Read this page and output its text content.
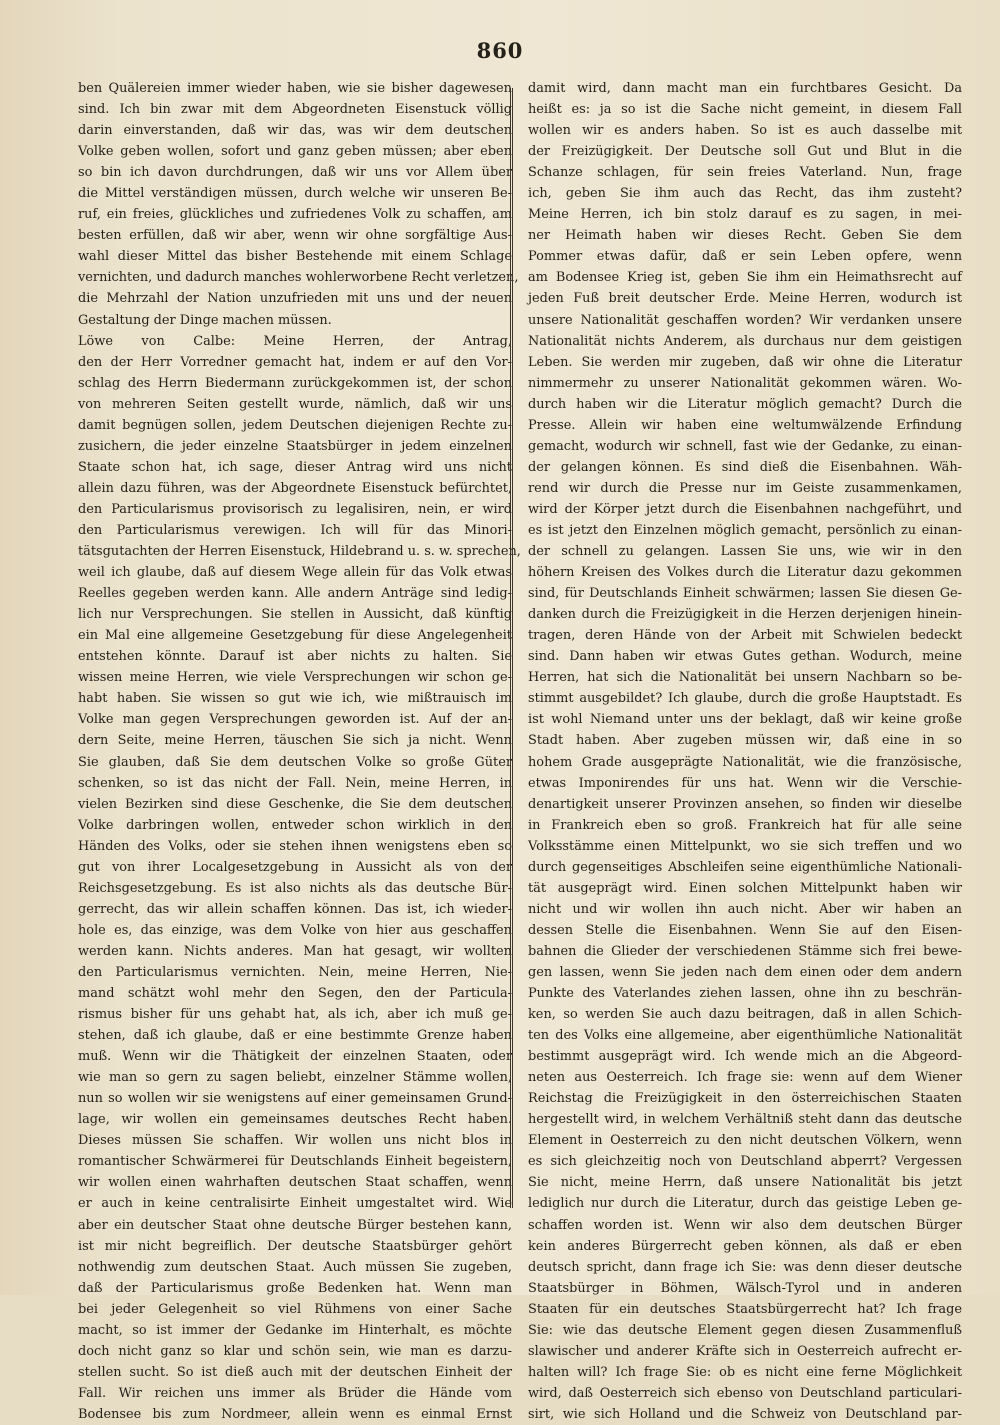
860
ben Quälereien immer wieder haben, wie sie bisher dagewesen
sind. Ich bin zwar mit dem Abgeordneten Eisenstuck völlig
darin einverstanden, daß wir das, was wir dem deutschen
Volke geben wollen, sofort und ganz geben müssen; aber eben
so bin ich davon durchdrungen, daß wir uns vor Allem über
die Mittel verständigen müssen, durch welche wir unseren Be-
ruf, ein freies, glückliches und zufriedenes Volk zu schaffen, am
besten erfüllen, daß wir aber, wenn wir ohne sorgfältige Aus-
wahl dieser Mittel das bisher Bestehende mit einem Schlage
vernichten, und dadurch manches wohlerworbene Recht verletzen,
die Mehrzahl der Nation unzufrieden mit uns und der neuen
Gestaltung der Dinge machen müssen.
Löwe von Calbe: Meine Herren, der Antrag,
den der Herr Vorredner gemacht hat, indem er auf den Vor-
schlag des Herrn Biedermann zurückgekommen ist, der schon
von mehreren Seiten gestellt wurde, nämlich, daß wir uns
damit begnügen sollen, jedem Deutschen diejenigen Rechte zu-
zusichern, die jeder einzelne Staatsbürger in jedem einzelnen
Staate schon hat, ich sage, dieser Antrag wird uns nicht
allein dazu führen, was der Abgeordnete Eisenstuck befürchtet,
den Particularismus provisorisch zu legalisiren, nein, er wird
den Particularismus verewigen. Ich will für das Minori-
tätsgutachten der Herren Eisenstuck, Hildebrand u. s. w. sprechen,
weil ich glaube, daß auf diesem Wege allein für das Volk etwas
Reelles gegeben werden kann. Alle andern Anträge sind ledig-
lich nur Versprechungen. Sie stellen in Aussicht, daß künftig
ein Mal eine allgemeine Gesetzgebung für diese Angelegenheit
entstehen könnte. Darauf ist aber nichts zu halten. Sie
wissen meine Herren, wie viele Versprechungen wir schon ge-
habt haben. Sie wissen so gut wie ich, wie mißtrauisch im
Volke man gegen Versprechungen geworden ist. Auf der an-
dern Seite, meine Herren, täuschen Sie sich ja nicht. Wenn
Sie glauben, daß Sie dem deutschen Volke so große Güter
schenken, so ist das nicht der Fall. Nein, meine Herren, in
vielen Bezirken sind diese Geschenke, die Sie dem deutschen
Volke darbringen wollen, entweder schon wirklich in den
Händen des Volks, oder sie stehen ihnen wenigstens eben so
gut von ihrer Localgesetzgebung in Aussicht als von der
Reichsgesetzgebung. Es ist also nichts als das deutsche Bür-
gerrecht, das wir allein schaffen können. Das ist, ich wieder-
hole es, das einzige, was dem Volke von hier aus geschaffen
werden kann. Nichts anderes. Man hat gesagt, wir wollten
den Particularismus vernichten. Nein, meine Herren, Nie-
mand schätzt wohl mehr den Segen, den der Particula-
rismus bisher für uns gehabt hat, als ich, aber ich muß ge-
stehen, daß ich glaube, daß er eine bestimmte Grenze haben
muß. Wenn wir die Thätigkeit der einzelnen Staaten, oder
wie man so gern zu sagen beliebt, einzelner Stämme wollen,
nun so wollen wir sie wenigstens auf einer gemeinsamen Grund-
lage, wir wollen ein gemeinsames deutsches Recht haben.
Dieses müssen Sie schaffen. Wir wollen uns nicht blos in
romantischer Schwärmerei für Deutschlands Einheit begeistern,
wir wollen einen wahrhaften deutschen Staat schaffen, wenn
er auch in keine centralisirte Einheit umgestaltet wird. Wie
aber ein deutscher Staat ohne deutsche Bürger bestehen kann,
ist mir nicht begreiflich. Der deutsche Staatsbürger gehört
nothwendig zum deutschen Staat. Auch müssen Sie zugeben,
daß der Particularismus große Bedenken hat. Wenn man
bei jeder Gelegenheit so viel Rühmens von einer Sache
macht, so ist immer der Gedanke im Hinterhalt, es möchte
doch nicht ganz so klar und schön sein, wie man es darzu-
stellen sucht. So ist dieß auch mit der deutschen Einheit der
Fall. Wir reichen uns immer als Brüder die Hände vom
Bodensee bis zum Nordmeer, allein wenn es einmal Ernst
damit wird, dann macht man ein furchtbares Gesicht. Da
heißt es: ja so ist die Sache nicht gemeint, in diesem Fall
wollen wir es anders haben. So ist es auch dasselbe mit
der Freizügigkeit. Der Deutsche soll Gut und Blut in die
Schanze schlagen, für sein freies Vaterland. Nun, frage
ich, geben Sie ihm auch das Recht, das ihm zusteht?
Meine Herren, ich bin stolz darauf es zu sagen, in mei-
ner Heimath haben wir dieses Recht. Geben Sie dem
Pommer etwas dafür, daß er sein Leben opfere, wenn
am Bodensee Krieg ist, geben Sie ihm ein Heimathsrecht auf
jeden Fuß breit deutscher Erde. Meine Herren, wodurch ist
unsere Nationalität geschaffen worden? Wir verdanken unsere
Nationalität nichts Anderem, als durchaus nur dem geistigen
Leben. Sie werden mir zugeben, daß wir ohne die Literatur
nimmermehr zu unserer Nationalität gekommen wären. Wo-
durch haben wir die Literatur möglich gemacht? Durch die
Presse. Allein wir haben eine weltumwälzende Erfindung
gemacht, wodurch wir schnell, fast wie der Gedanke, zu einan-
der gelangen können. Es sind dieß die Eisenbahnen. Wäh-
rend wir durch die Presse nur im Geiste zusammenkamen,
wird der Körper jetzt durch die Eisenbahnen nachgeführt, und
es ist jetzt den Einzelnen möglich gemacht, persönlich zu einan-
der schnell zu gelangen. Lassen Sie uns, wie wir in den
höhern Kreisen des Volkes durch die Literatur dazu gekommen
sind, für Deutschlands Einheit schwärmen; lassen Sie diesen Ge-
danken durch die Freizügigkeit in die Herzen derjenigen hinein-
tragen, deren Hände von der Arbeit mit Schwielen bedeckt
sind. Dann haben wir etwas Gutes gethan. Wodurch, meine
Herren, hat sich die Nationalität bei unsern Nachbarn so be-
stimmt ausgebildet? Ich glaube, durch die große Hauptstadt. Es
ist wohl Niemand unter uns der beklagt, daß wir keine große
Stadt haben. Aber zugeben müssen wir, daß eine in so
hohem Grade ausgeprägte Nationalität, wie die französische,
etwas Imponirendes für uns hat. Wenn wir die Verschie-
denartigkeit unserer Provinzen ansehen, so finden wir dieselbe
in Frankreich eben so groß. Frankreich hat für alle seine
Volksstämme einen Mittelpunkt, wo sie sich treffen und wo
durch gegenseitiges Abschleifen seine eigenthümliche Nationali-
tät ausgeprägt wird. Einen solchen Mittelpunkt haben wir
nicht und wir wollen ihn auch nicht. Aber wir haben an
dessen Stelle die Eisenbahnen. Wenn Sie auf den Eisen-
bahnen die Glieder der verschiedenen Stämme sich frei bewe-
gen lassen, wenn Sie jeden nach dem einen oder dem andern
Punkte des Vaterlandes ziehen lassen, ohne ihn zu beschrän-
ken, so werden Sie auch dazu beitragen, daß in allen Schich-
ten des Volks eine allgemeine, aber eigenthümliche Nationalität
bestimmt ausgeprägt wird. Ich wende mich an die Abgeord-
neten aus Oesterreich. Ich frage sie: wenn auf dem Wiener
Reichstag die Freizügigkeit in den österreichischen Staaten
hergestellt wird, in welchem Verhältniß steht dann das deutsche
Element in Oesterreich zu den nicht deutschen Völkern, wenn
es sich gleichzeitig noch von Deutschland abperrt? Vergessen
Sie nicht, meine Herrn, daß unsere Nationalität bis jetzt
lediglich nur durch die Literatur, durch das geistige Leben ge-
schaffen worden ist. Wenn wir also dem deutschen Bürger
kein anderes Bürgerrecht geben können, als daß er eben
deutsch spricht, dann frage ich Sie: was denn dieser deutsche
Staatsbürger in Böhmen, Wälsch-Tyrol und in anderen
Staaten für ein deutsches Staatsbürgerrecht hat? Ich frage
Sie: wie das deutsche Element gegen diesen Zusammenfluß
slawischer und anderer Kräfte sich in Oesterreich aufrecht er-
halten will? Ich frage Sie: ob es nicht eine ferne Möglichkeit
wird, daß Oesterreich sich ebenso von Deutschland particulari-
sirt, wie sich Holland und die Schweiz von Deutschland par-
